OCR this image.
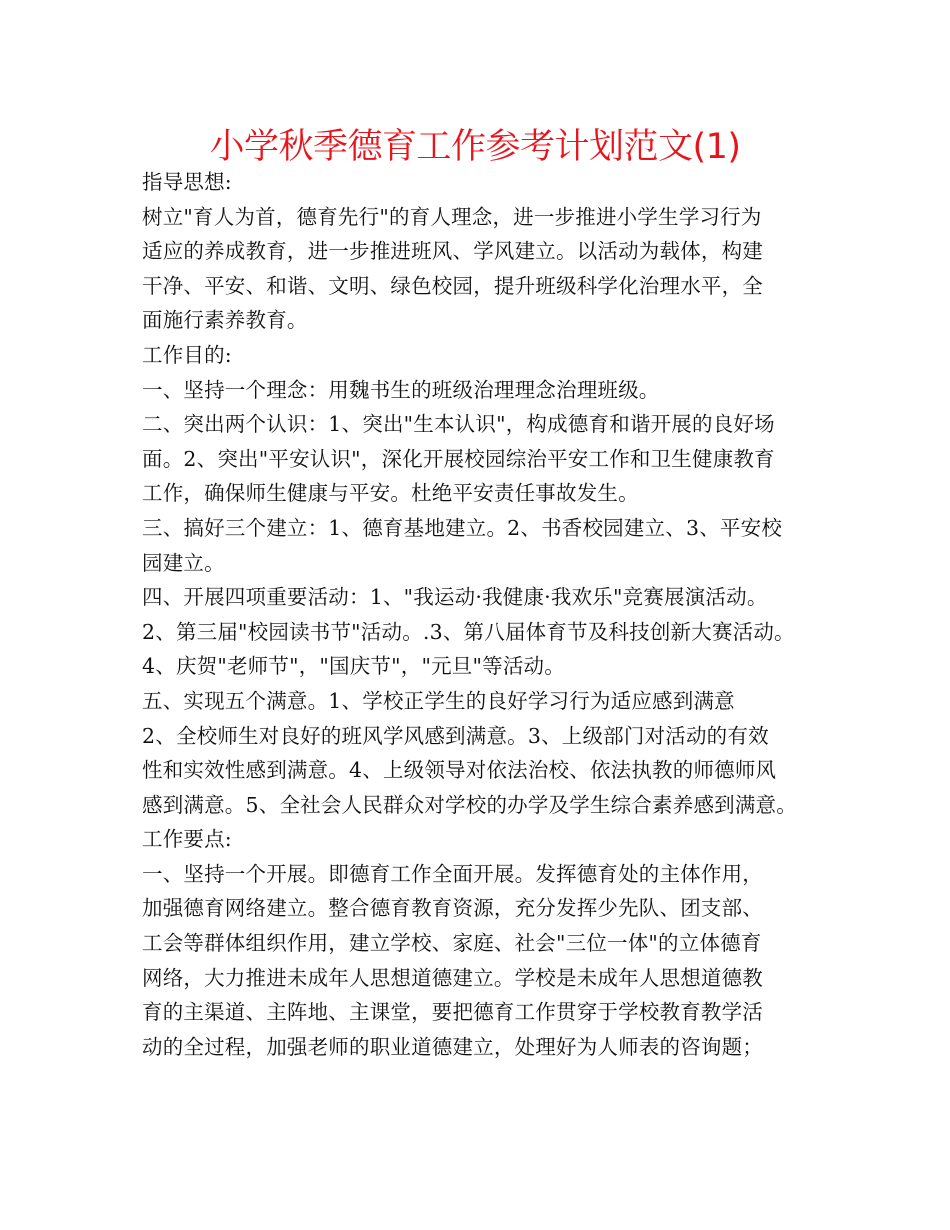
小学秋季德育工作参考计划范文(1)
指导思想:
树立"育人为首，德育先行"的育人理念，进一步推进小学生学习行为
适应的养成教育，进一步推进班风、学风建立。以活动为载体，构建
干净、平安、和谐、文明、绿色校园，提升班级科学化治理水平，全
面施行素养教育。
工作目的:
一、坚持一个理念：用魏书生的班级治理理念治理班级。
二、突出两个认识：1、突出"生本认识"，构成德育和谐开展的良好场
面。2、突出"平安认识"，深化开展校园综治平安工作和卫生健康教育
工作，确保师生健康与平安。杜绝平安责任事故发生。
三、搞好三个建立：1、德育基地建立。2、书香校园建立、3、平安校
园建立。
四、开展四项重要活动：1、"我运动·我健康·我欢乐"竞赛展演活动。
2、第三届"校园读书节"活动。.3、第八届体育节及科技创新大赛活动。
4、庆贺"老师节"，"国庆节"，"元旦"等活动。
五、实现五个满意。1、学校正学生的良好学习行为适应感到满意
2、全校师生对良好的班风学风感到满意。3、上级部门对活动的有效
性和实效性感到满意。4、上级领导对依法治校、依法执教的师德师风
感到满意。5、全社会人民群众对学校的办学及学生综合素养感到满意。
工作要点:
一、坚持一个开展。即德育工作全面开展。发挥德育处的主体作用，
加强德育网络建立。整合德育教育资源，充分发挥少先队、团支部、
工会等群体组织作用，建立学校、家庭、社会"三位一体"的立体德育
网络，大力推进未成年人思想道德建立。学校是未成年人思想道德教
育的主渠道、主阵地、主课堂，要把德育工作贯穿于学校教育教学活
动的全过程，加强老师的职业道德建立，处理好为人师表的咨询题；
